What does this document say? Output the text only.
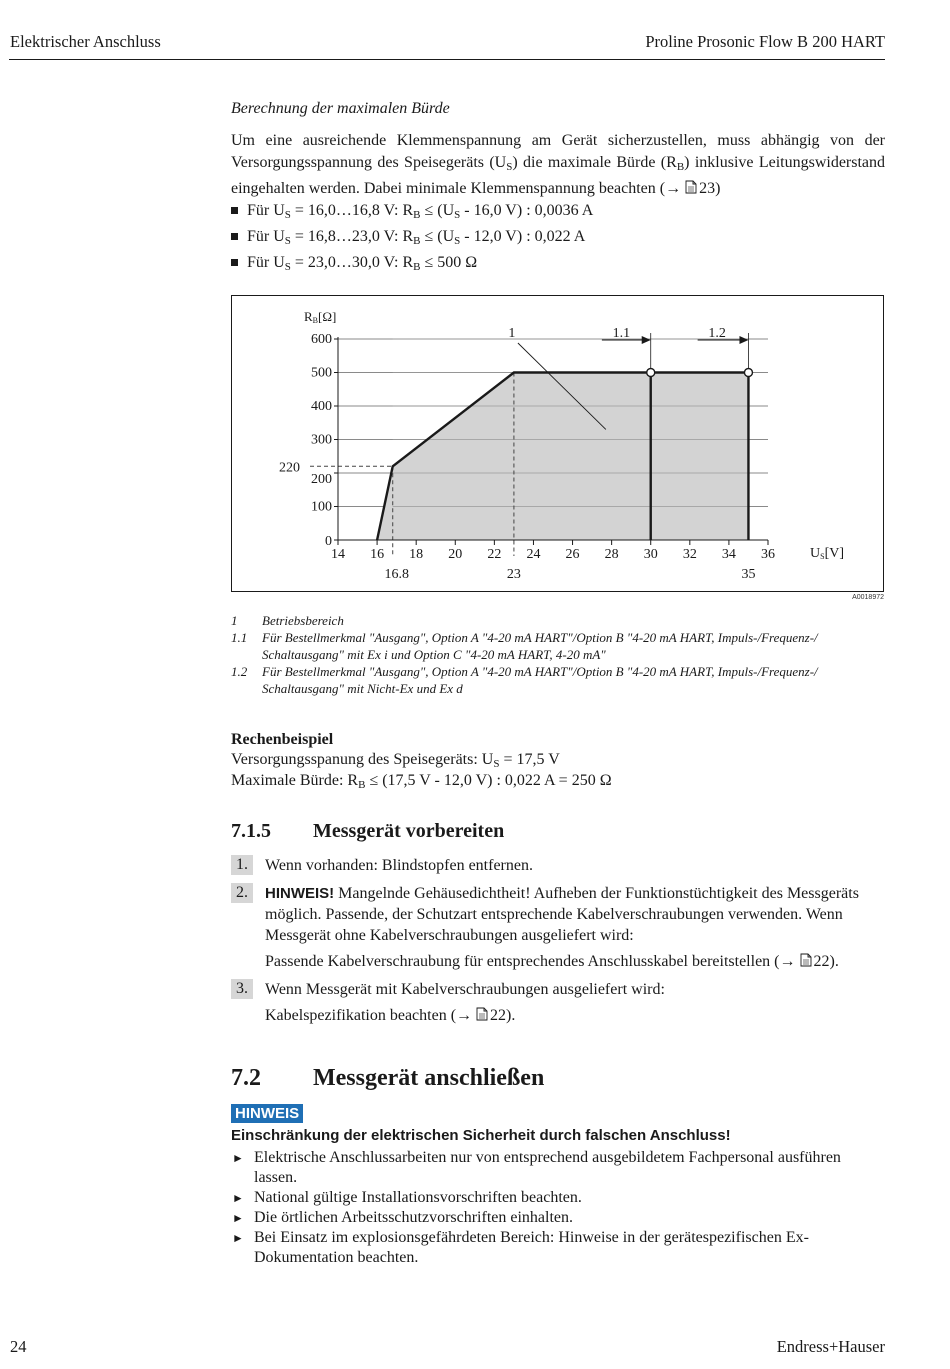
Elektrischer Anschluss	Proline Prosonic Flow B 200 HART
Berechnung der maximalen Bürde
Um eine ausreichende Klemmenspannung am Gerät sicherzustellen, muss abhängig von der Versorgungsspannung des Speisegeräts $(U_S)$ die maximale Bürde $(R_B)$ inklusive Leitungswiderstand eingehalten werden. Dabei minimale Klemmenspannung beachten (→ 23)
Für $U_S$ = 16,0…16,8 V: $R_B \le (U_S - 16,0$ V) : 0,0036 A
Für $U_S$ = 16,8…23,0 V: $R_B \le (U_S - 12,0$ V) : 0,022 A
Für $U_S$ = 23,0…30,0 V: $R_B \le 500$ Ω
0
100
200
300
400
500
600
220
14 16 18 20 22 24 26 28 30 32 34 36
16.8	23	35
RB[Ω]
US[V]
1	1.1	1.2
A0018972
1 Betriebsbereich
1.1 Für Bestellmerkmal "Ausgang", Option A "4-20 mA HART"/Option B "4-20 mA HART, Impuls-/Frequenz-/ Schaltausgang" mit Ex i und Option C "4-20 mA HART, 4-20 mA"
1.2 Für Bestellmerkmal "Ausgang", Option A "4-20 mA HART"/Option B "4-20 mA HART, Impuls-/Frequenz-/ Schaltausgang" mit Nicht-Ex und Ex d
Rechenbeispiel
Versorgungsspanung des Speisegeräts: $U_S = 17,5$ V
Maximale Bürde: $R_B \le (17,5$ V - 12,0 V) : 0,022 A = 250 Ω
7.1.5 Messgerät vorbereiten
1.	Wenn vorhanden: Blindstopfen entfernen.
2.	HINWEIS! Mangelnde Gehäusedichtheit! Aufheben der Funktionstüchtigkeit des Messgeräts möglich. Passende, der Schutzart entsprechende Kabelverschraubungen verwenden. Wenn Messgerät ohne Kabelverschraubungen ausgeliefert wird:
Passende Kabelverschraubung für entsprechendes Anschlusskabel bereitstellen (→ 22).
3.	Wenn Messgerät mit Kabelverschraubungen ausgeliefert wird:
Kabelspezifikation beachten (→ 22).
7.2 Messgerät anschließen
HINWEIS
Einschränkung der elektrischen Sicherheit durch falschen Anschluss!
► Elektrische Anschlussarbeiten nur von entsprechend ausgebildetem Fachpersonal ausführen lassen.
► National gültige Installationsvorschriften beachten.
► Die örtlichen Arbeitsschutzvorschriften einhalten.
► Bei Einsatz im explosionsgefährdeten Bereich: Hinweise in der gerätespezifischen Ex-Dokumentation beachten.
24	Endress+Hauser
